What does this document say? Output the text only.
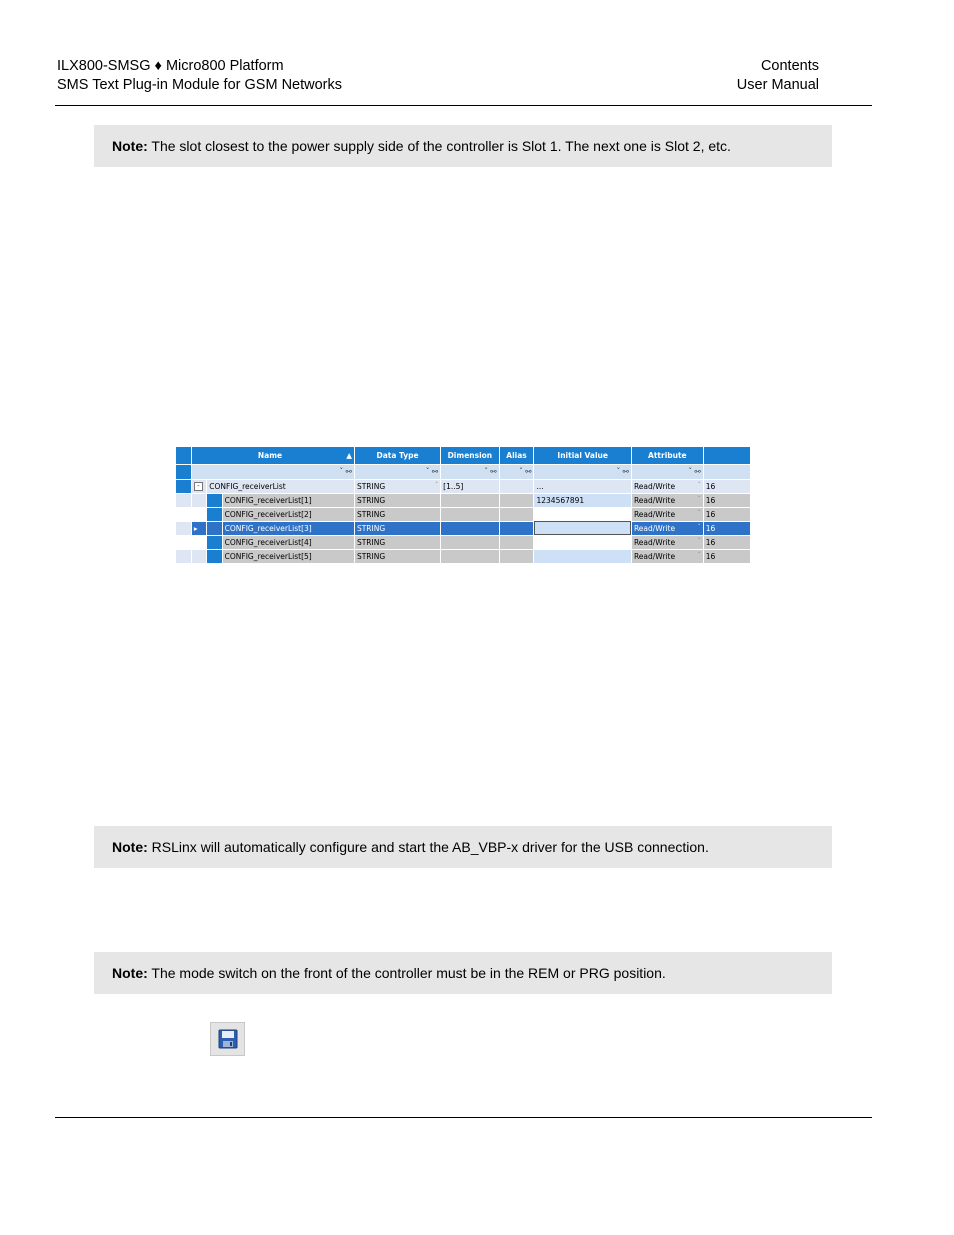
ILX800-SMSG ♦ Micro800 Platform
SMS Text Plug-in Module for GSM Networks
Contents
User Manual
Note: The slot closest to the power supply side of the controller is Slot 1. The next one is Slot 2, etc.
	Name ▲			Data Type	Dimension	Alias	Initial Value	Attribute	
	ˇ ⚯			ˇ ⚯	ˇ ⚯	ˇ ⚯	ˇ ⚯	ˇ ⚯	
	-	CONFIG_receiverList		STRING ˇ	[1..5]		...	Read/Write ˇ	16
			CONFIG_receiverList[1]	STRING			1234567891	Read/Write ˇ	16
			CONFIG_receiverList[2]	STRING				Read/Write ˇ	16
	▸		CONFIG_receiverList[3]	STRING				Read/Write ˇ	16
			CONFIG_receiverList[4]	STRING				Read/Write ˇ	16
			CONFIG_receiverList[5]	STRING				Read/Write ˇ	16
Note: RSLinx will automatically configure and start the AB_VBP-x driver for the USB connection.
Note: The mode switch on the front of the controller must be in the REM or PRG position.
